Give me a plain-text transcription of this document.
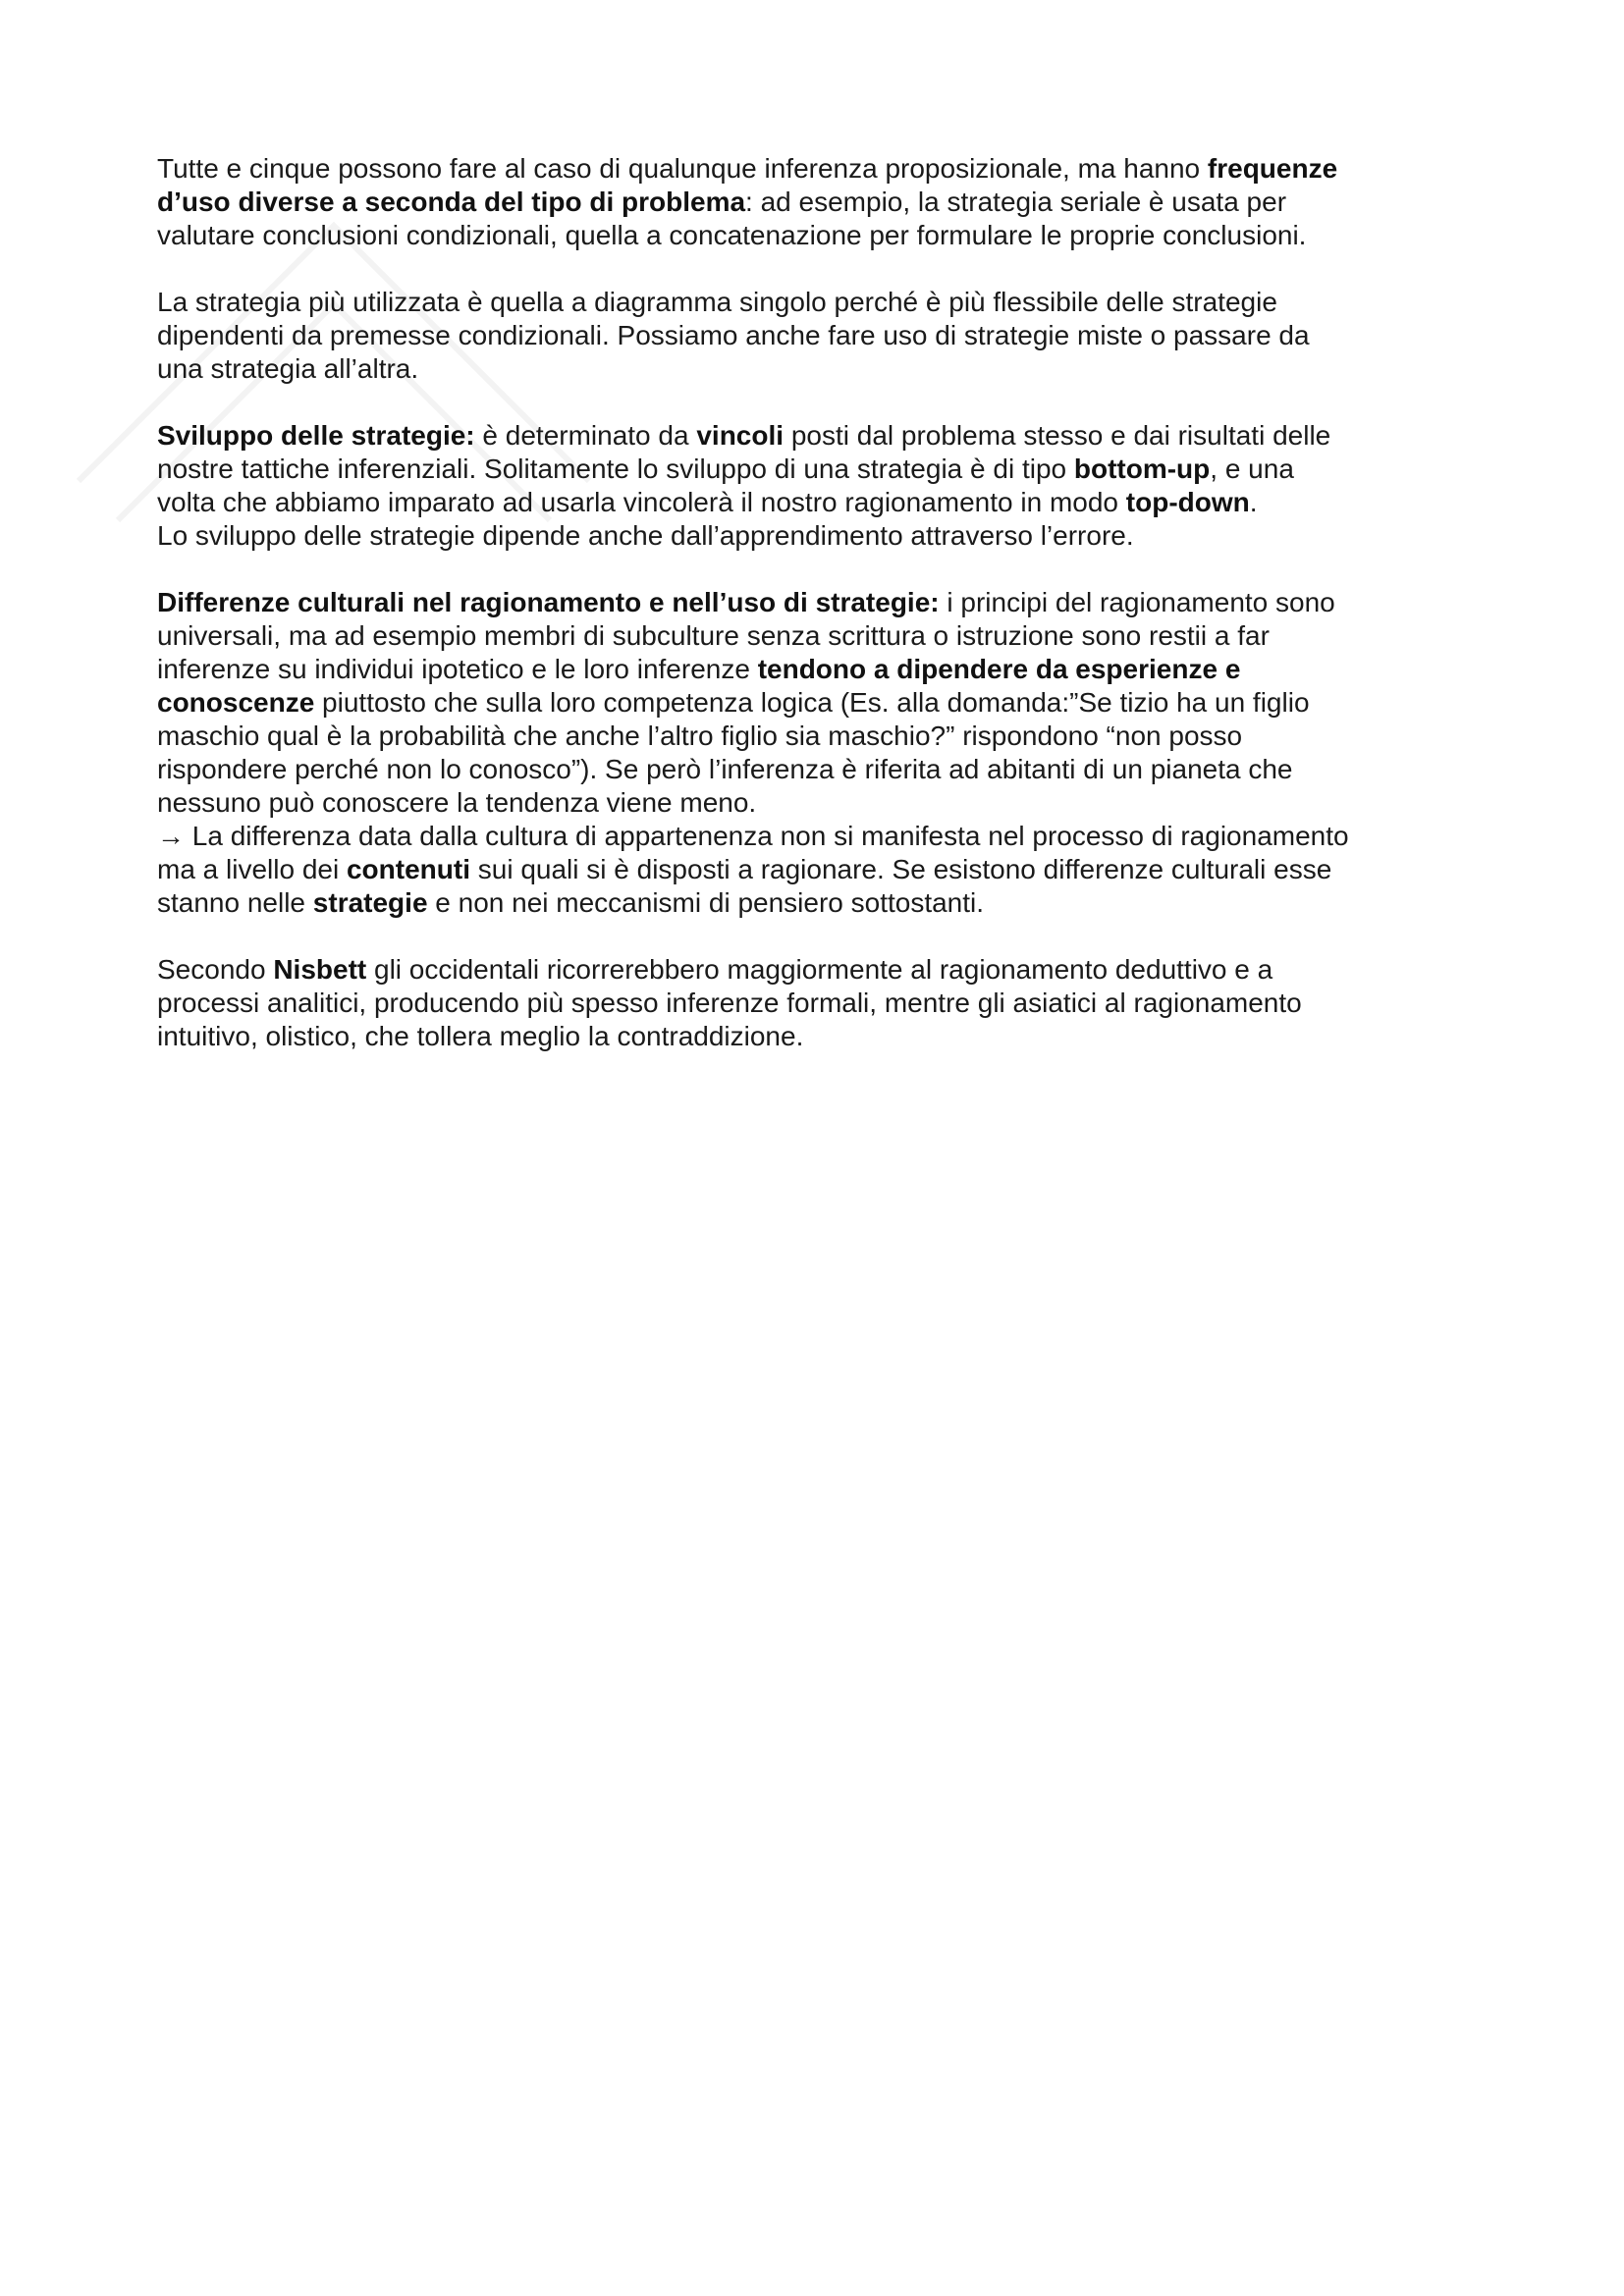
Tutte e cinque possono fare al caso di qualunque inferenza proposizionale, ma hanno frequenze
d’uso diverse a seconda del tipo di problema: ad esempio, la strategia seriale è usata per
valutare conclusioni condizionali, quella a concatenazione per formulare le proprie conclusioni.

La strategia più utilizzata è quella a diagramma singolo perché è più flessibile delle strategie
dipendenti da premesse condizionali. Possiamo anche fare uso di strategie miste o passare da
una strategia all’altra.

Sviluppo delle strategie: è determinato da vincoli posti dal problema stesso e dai risultati delle
nostre tattiche inferenziali. Solitamente lo sviluppo di una strategia è di tipo bottom-up, e una
volta che abbiamo imparato ad usarla vincolerà il nostro ragionamento in modo top-down.
Lo sviluppo delle strategie dipende anche dall’apprendimento attraverso l’errore.

Differenze culturali nel ragionamento e nell’uso di strategie: i principi del ragionamento sono
universali, ma ad esempio membri di subculture senza scrittura o istruzione sono restii a far
inferenze su individui ipotetico e le loro inferenze tendono a dipendere da esperienze e
conoscenze piuttosto che sulla loro competenza logica (Es. alla domanda:”Se tizio ha un figlio
maschio qual è la probabilità che anche l’altro figlio sia maschio?” rispondono “non posso
rispondere perché non lo conosco”). Se però l’inferenza è riferita ad abitanti di un pianeta che
nessuno può conoscere la tendenza viene meno.

→ La differenza data dalla cultura di appartenenza non si manifesta nel processo di ragionamento
ma a livello dei contenuti sui quali si è disposti a ragionare. Se esistono differenze culturali esse
stanno nelle strategie e non nei meccanismi di pensiero sottostanti.

Secondo Nisbett gli occidentali ricorrerebbero maggiormente al ragionamento deduttivo e a
processi analitici, producendo più spesso inferenze formali, mentre gli asiatici al ragionamento
intuitivo, olistico, che tollera meglio la contraddizione.
